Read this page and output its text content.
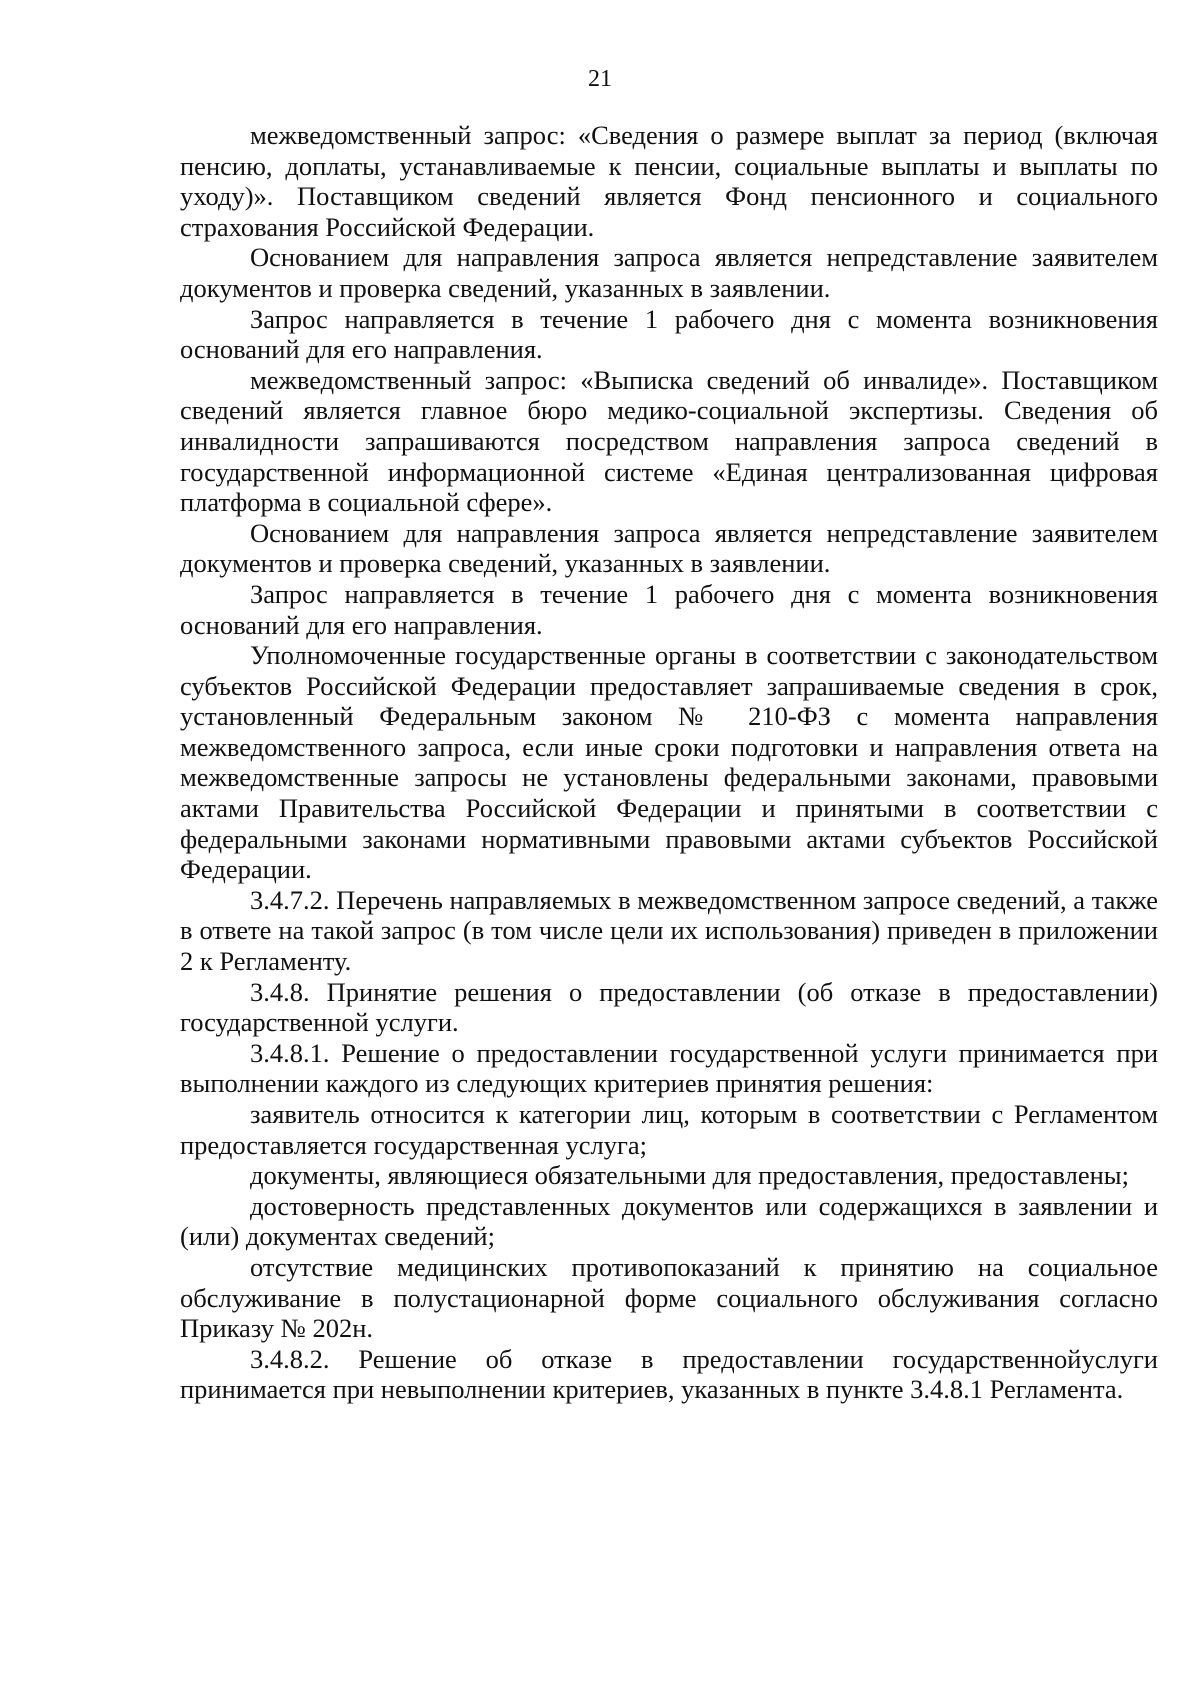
21

межведомственный запрос: «Сведения о размере выплат за период (включая пенсию, доплаты, устанавливаемые к пенсии, социальные выплаты и выплаты по уходу)». Поставщиком сведений является Фонд пенсионного и социального страхования Российской Федерации.

Основанием для направления запроса является непредставление заявителем документов и проверка сведений, указанных в заявлении.

Запрос направляется в течение 1 рабочего дня с момента возникновения оснований для его направления.

межведомственный запрос: «Выписка сведений об инвалиде». Поставщиком сведений является главное бюро медико-социальной экспертизы. Сведения об инвалидности запрашиваются посредством направления запроса сведений в государственной информационной системе «Единая централизованная цифровая платформа в социальной сфере».

Основанием для направления запроса является непредставление заявителем документов и проверка сведений, указанных в заявлении.

Запрос направляется в течение 1 рабочего дня с момента возникновения оснований для его направления.

Уполномоченные государственные органы в соответствии с законодательством субъектов Российской Федерации предоставляет запрашиваемые сведения в срок, установленный Федеральным законом № 210-ФЗ с момента направления межведомственного запроса, если иные сроки подготовки и направления ответа на межведомственные запросы не установлены федеральными законами, правовыми актами Правительства Российской Федерации и принятыми в соответствии с федеральными законами нормативными правовыми актами субъектов Российской Федерации.

3.4.7.2. Перечень направляемых в межведомственном запросе сведений, а также в ответе на такой запрос (в том числе цели их использования) приведен в приложении 2 к Регламенту.

3.4.8. Принятие решения о предоставлении (об отказе в предоставлении) государственной услуги.

3.4.8.1. Решение о предоставлении государственной услуги принимается при выполнении каждого из следующих критериев принятия решения:

заявитель относится к категории лиц, которым в соответствии с Регламентом предоставляется государственная услуга;

документы, являющиеся обязательными для предоставления, предоставлены;

достоверность представленных документов или содержащихся в заявлении и (или) документах сведений;

отсутствие медицинских противопоказаний к принятию на социальное обслуживание в полустационарной форме социального обслуживания согласно Приказу № 202н.

3.4.8.2. Решение об отказе в предоставлении государственнойуслуги принимается при невыполнении критериев, указанных в пункте 3.4.8.1 Регламента.
